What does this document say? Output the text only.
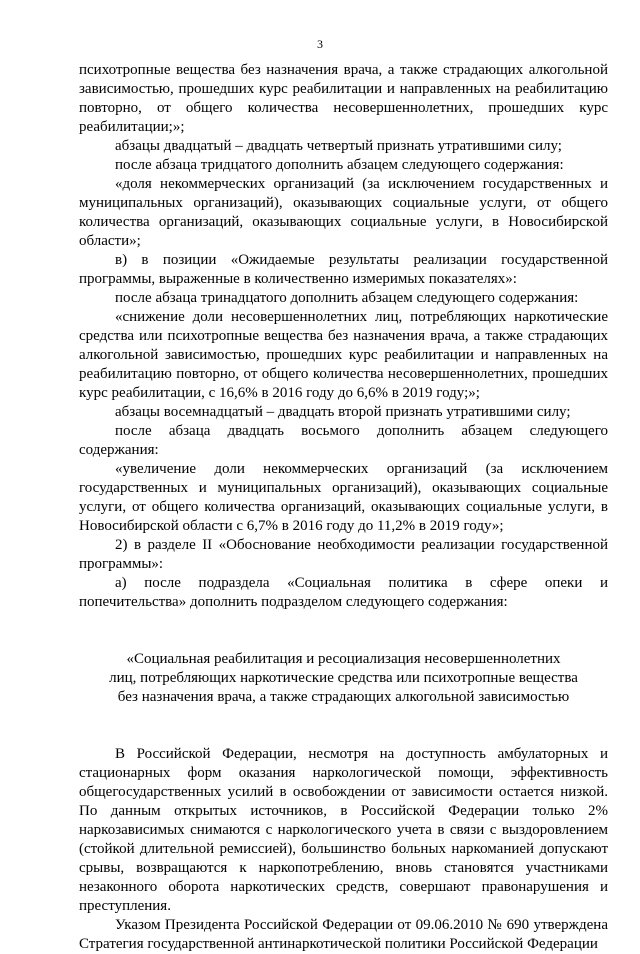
3

психотропные вещества без назначения врача, а также страдающих алкогольной зависимостью, прошедших курс реабилитации и направленных на реабилитацию повторно, от общего количества несовершеннолетних, прошедших курс реабилитации;»;

абзацы двадцатый – двадцать четвертый признать утратившими силу;

после абзаца тридцатого дополнить абзацем следующего содержания:

«доля некоммерческих организаций (за исключением государственных и муниципальных организаций), оказывающих социальные услуги, от общего количества организаций, оказывающих социальные услуги, в Новосибирской области»;

в) в позиции «Ожидаемые результаты реализации государственной программы, выраженные в количественно измеримых показателях»:

после абзаца тринадцатого дополнить абзацем следующего содержания:

«снижение доли несовершеннолетних лиц, потребляющих наркотические средства или психотропные вещества без назначения врача, а также страдающих алкогольной зависимостью, прошедших курс реабилитации и направленных на реабилитацию повторно, от общего количества несовершеннолетних, прошедших курс реабилитации, с 16,6% в 2016 году до 6,6% в 2019 году;»;

абзацы восемнадцатый – двадцать второй признать утратившими силу;

после абзаца двадцать восьмого дополнить абзацем следующего содержания:

«увеличение доли некоммерческих организаций (за исключением государственных и муниципальных организаций), оказывающих социальные услуги, от общего количества организаций, оказывающих социальные услуги, в Новосибирской области с 6,7% в 2016 году до 11,2% в 2019 году»;

2) в разделе II «Обоснование необходимости реализации государственной программы»:

а) после подраздела «Социальная политика в сфере опеки и попечительства» дополнить подразделом следующего содержания:

«Социальная реабилитация и ресоциализация несовершеннолетних
лиц, потребляющих наркотические средства или психотропные вещества
без назначения врача, а также страдающих алкогольной зависимостью

В Российской Федерации, несмотря на доступность амбулаторных и стационарных форм оказания наркологической помощи, эффективность общегосударственных усилий в освобождении от зависимости остается низкой. По данным открытых источников, в Российской Федерации только 2% наркозависимых снимаются с наркологического учета в связи с выздоровлением (стойкой длительной ремиссией), большинство больных наркоманией допускают срывы, возвращаются к наркопотреблению, вновь становятся участниками незаконного оборота наркотических средств, совершают правонарушения и преступления.

Указом Президента Российской Федерации от 09.06.2010 № 690 утверждена Стратегия государственной антинаркотической политики Российской Федерации
